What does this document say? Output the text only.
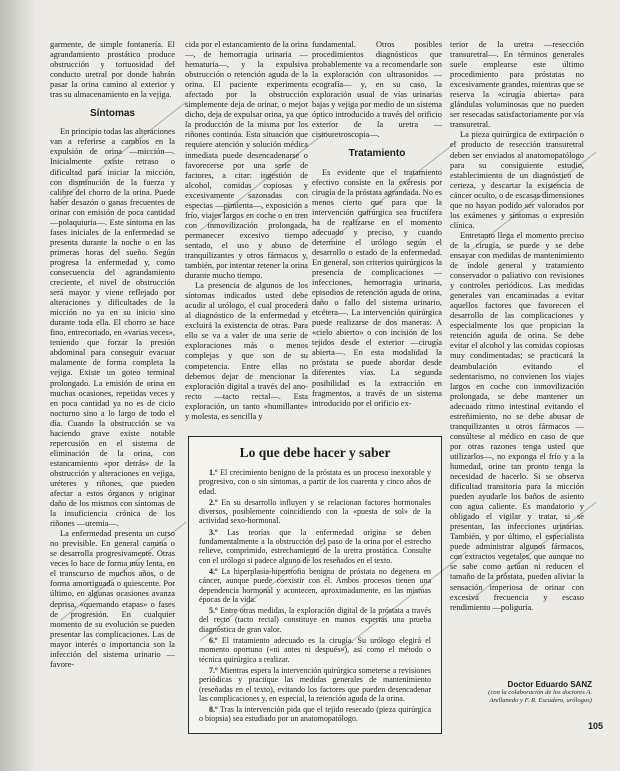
garmente, de simple fontanería. El agrandamiento prostático produce obstrucción y tortuosidad del conducto uretral por donde habrán pasar la orina camino al exterior y tras su almacenamiento en la vejiga.

Síntomas

En principio todas las alteraciones van a referirse a cambios en la expulsión de orina —micción—. Inicialmente existe retraso o dificultad para iniciar la micción, con disminución de la fuerza y calibre del chorro de la orina. Puede haber desazón o ganas frecuentes de orinar con emisión de poca cantidad —polaquiuria—. Este síntoma en las fases iniciales de la enfermedad se presenta durante la noche o en las primeras horas del sueño. Según progresa la enfermedad y, como consecuencia del agrandamiento creciente, el nivel de obstrucción será mayor y viene reflejado por alteraciones y dificultades de la micción no ya en su inicio sino durante toda ella. El chorro se hace fino, entrecortado, en «varias veces», teniendo que forzar la presión abdominal para conseguir evacuar malamente de forma completa la vejiga. Existe un goteo terminal prolongado. La emisión de orina en muchas ocasiones, repetidas veces y en poca cantidad ya no es de cicio nocturno sino a lo largo de todo el día. Cuando la obstrucción se va haciendo grave existe notable repercusión en el sistema de eliminación de la orina, con estancamiento «por detrás» de la obstrucción y alteraciones en vejiga, uréteres y riñones, que pueden afectar a estos órganos y originar daño de los mismos con síntomas de la insuficiencia crónica de los riñones —uremia—.

La enfermedad presenta un curso no previsible. En general camina o se desarrolla progresivamente. Otras veces lo hace de forma muy lenta, en el transcurso de muchos años, o de forma amortiguada o quiescente. Por último, en algunas ocasiones avanza deprisa, «quemando etapas» o fases de progresión. En cualquier momento de su evolución se pueden presentar las complicaciones. Las de mayor interés o importancia son la infección del sistema urinario —favore-

cida por el estancamiento de la orina—, de hemorragia urinaria —hematuria—, y la expulsiva obstrucción o retención aguda de la orina. El paciente experimenta afectado por la obstrucción simplemente deja de orinar, o mejor dicho, deja de expulsar orina, ya que la producción de la misma por los riñones continúa. Esta situación que requiere atención y solución médica inmediata puede desencadenarse o favorecerse por una serie de factores, a citar: ingestión de alcohol, comidas copiosas y excesivamente sazonadas con especias —pimienta—, exposición a frío, viajes largos en coche o en tren con inmovilización prolongada, permanecer excesivo tiempo sentado, el uso y abuso de tranquilizantes y otros fármacos y, también, por intentar retener la orina durante mucho tiempo.

La presencia de algunos de los síntomas indicados usted debe acudir al urólogo, el cual procederá al diagnóstico de la enfermedad y excluirá la existencia de otras. Para ello se va a valer de una serie de exploraciones más o menos complejas y que son de su competencia. Entre ellas no debemos dejar de mencionar la exploración digital a través del ano-recto —tacto rectal—. Esta exploración, un tanto «humillante» y molesta, es sencilla y

fundamental. Otros posibles procedimientos diagnósticos que probablemente va a recomendarle son la exploración con ultrasonidos —ecografía— y, en su caso, la exploración usual de vías urinarias bajas y vejiga por medio de un sistema óptico introducido a través del orificio exterior de la uretra —cistouretroscopia—.

Tratamiento

Es evidente que el tratamiento efectivo consiste en la exéresis por cirugía de la próstata agrandada. No es menos cierto que para que la intervención quirúrgica sea fructífera ha de realizarse en el momento adecuado y preciso, y cuando determine el urólogo según el desarrollo o estado de la enfermedad. En general, son criterios quirúrgicos la presencia de complicaciones —infecciones, hemorragia urinaria, episodios de retención aguda de orina, daño o fallo del sistema urinario, etcétera—. La intervención quirúrgica puede realizarse de dos maneras: A «cielo abierto» o con incisión de los tejidos desde el exterior —cirugía abierta—. En esta modalidad la próstata se puede abordar desde diferentes vías. La segunda posibilidad es la extracción en fragmentos, a través de un sistema introducido por el orificio ex-

terior de la uretra —resección transuretral—. En términos generales suele emplearse este último procedimiento para próstatas no excesivamente grandes, mientras que se reserva la «cirugía abierta» para glándulas voluminosas que no pueden ser resecadas satisfactoriamente por vía transuretral.

La pieza quirúrgica de extirpación o el producto de resección transuretral deben ser enviados al anatomopatólogo para su consiguiente estudio, establecimiento de un diagnóstico de certeza, y descartar la existencia de cáncer oculto, o de escasas dimensiones que no hayan podido ser valorados por los exámenes y síntomas o expresión clínica.

Entretanto llega el momento preciso de la cirugía, se puede y se debe ensayar con medidas de mantenimiento de índole general y tratamiento conservador o paliativo con revisiones y controles periódicos. Las medidas generales van encaminadas a evitar aquellos factores que favorecen el desarrollo de las complicaciones y especialmente los que propician la retención aguda de orina. Se debe evitar el alcohol y las comidas copiosas muy condimentadas; se practicará la deambulación evitando el sedentarismo, no convienen los viajes largos en coche con inmovilización prolongada, se debe mantener un adecuado ritmo intestinal evitando el estreñimiento, no se debe abusar de tranquilizantes u otros fármacos —consúltese al médico en caso de que por otras razones tenga usted que utilizarlos—, no exponga el frío y a la humedad, orine tan pronto tenga la necesidad de hacerlo. Si se observa dificultad transitoria para la micción pueden ayudarle los baños de asiento con agua caliente. Es mandatorio y obligado el vigilar y tratar, si se presentan, las infecciones urinarias. También, y por último, el especialista puede administrar algunos fármacos, con extractos vegetales, que aunque no se sabe como actúan ni reducen el tamaño de la próstata, pueden aliviar la sensación imperiosa de orinar con excesiva frecuencia y escaso rendimiento —poliguria.

Lo que debe hacer y saber
1.º El crecimiento benigno de la próstata es un proceso inexorable y progresivo, con o sin síntomas, a partir de los cuarenta y cinco años de edad.
2.º En su desarrollo influyen y se relacionan factores hormonales diversos, posiblemente coincidiendo con la «puesta de sol» de la actividad sexo-hormonal.
3.º Las teorías que la enfermedad origina se deben fundamentalmente a la obstrucción del paso de la orina por el estrecho relieve, comprimido, estrechamiento de la uretra prostática. Consulte con el urólogo si padece alguno de los reseñados en el texto.
4.º La hiperplasia-hipertrofia benigna de próstata no degenera en cáncer, aunque puede coexistir con él. Ambos procesos tienen una dependencia hormonal y acontecen, aproximadamente, en las mismas épocas de la vida.
5.º Entre otras medidas, la exploración digital de la próstata a través del recto (tacto rectal) constituye en manos expertas una prueba diagnóstica de gran valor.
6.º El tratamiento adecuado es la cirugía. Su urólogo elegirá el momento oportuno («ni antes ni después»), así como el método o técnica quirúrgica a realizar.
7.º Mientras espera la intervención quirúrgica someterse a revisiones periódicas y practique las medidas generales de mantenimiento (reseñadas en el texto), evitando los factores que pueden desencadenar las complicaciones y, en especial, la retención aguda de la orina.
8.º Tras la intervención pida que el tejido resecado (pieza quirúrgica o biopsia) sea estudiado por un anatomopatólogo.
Doctor Eduardo SANZ
(con la colaboración de los doctores A. Arellanedo y F. R. Escudero, urólogos)
105
